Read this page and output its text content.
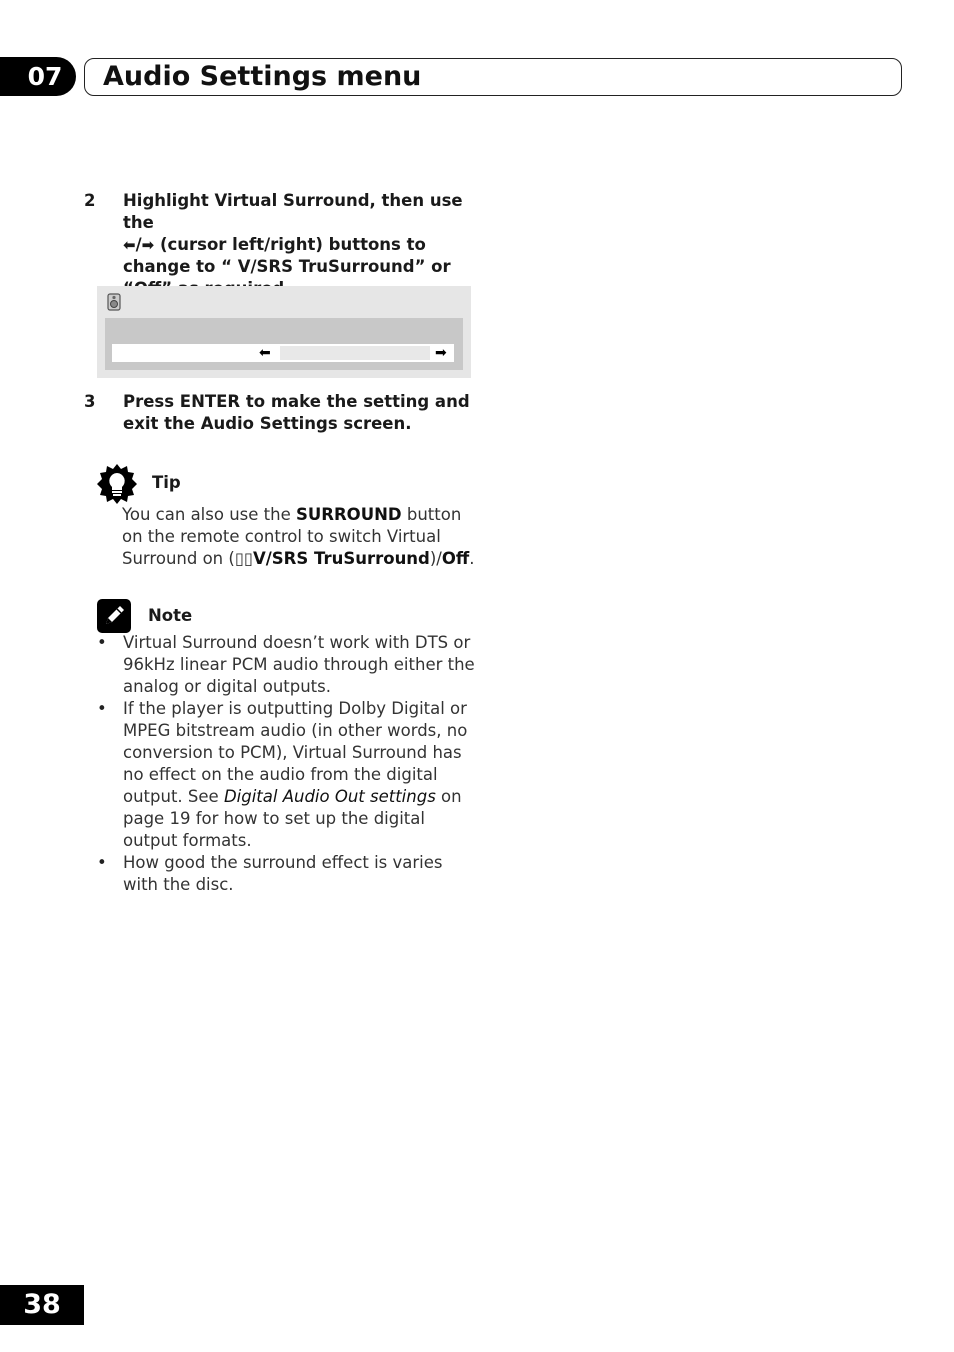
07	Audio Settings menu
2 Highlight Virtual Surround, then use the
⬅/➡ (cursor left/right) buttons to
change to “ V/SRS TruSurround” or
⬅	➡
3 Press ENTER to make the setting and exit the Audio Settings screen.
Tip
You can also use the SURROUND button on the remote control to switch Virtual Surround on (▯▯V/SRS TruSurround)/Off.
Note
• Virtual Surround doesn’t work with DTS or 96kHz linear PCM audio through either the analog or digital outputs.
• If the player is outputting Dolby Digital or MPEG bitstream audio (in other words, no conversion to PCM), Virtual Surround has no effect on the audio from the digital output. See Digital Audio Out settings on page 19 for how to set up the digital output formats.
• How good the surround effect is varies with the disc.
38
